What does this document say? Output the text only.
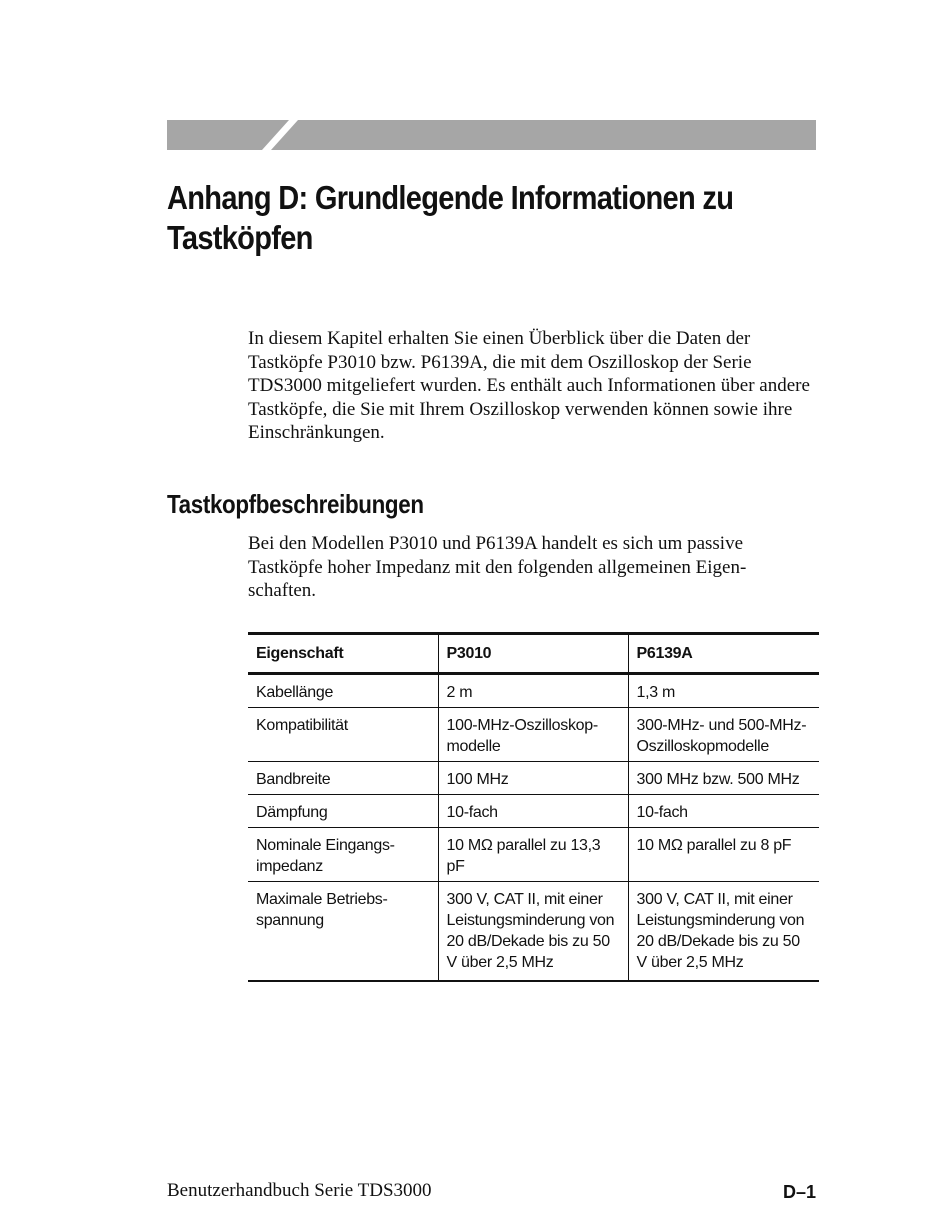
Anhang D: Grundlegende Informationen zu Tastköpfen

In diesem Kapitel erhalten Sie einen Überblick über die Daten der Tastköpfe P3010 bzw. P6139A, die mit dem Oszilloskop der Serie TDS3000 mitgeliefert wurden. Es enthält auch Informationen über andere Tastköpfe, die Sie mit Ihrem Oszilloskop verwenden können sowie ihre Einschränkungen.

Tastkopfbeschreibungen

Bei den Modellen P3010 und P6139A handelt es sich um passive Tastköpfe hoher Impedanz mit den folgenden allgemeinen Eigen-schaften.

Eigenschaft	P3010	P6139A
Kabellänge	2 m	1,3 m
Kompatibilität	100-MHz-Oszilloskop-modelle	300-MHz- und 500-MHz-Oszilloskopmodelle
Bandbreite	100 MHz	300 MHz bzw. 500 MHz
Dämpfung	10-fach	10-fach
Nominale Eingangs-impedanz	10 MΩ parallel zu 13,3 pF	10 MΩ parallel zu 8 pF
Maximale Betriebs-spannung	300 V, CAT II, mit einer Leistungsminderung von 20 dB/Dekade bis zu 50 V über 2,5 MHz	300 V, CAT II, mit einer Leistungsminderung von 20 dB/Dekade bis zu 50 V über 2,5 MHz
Benutzerhandbuch Serie TDS3000	D–1
